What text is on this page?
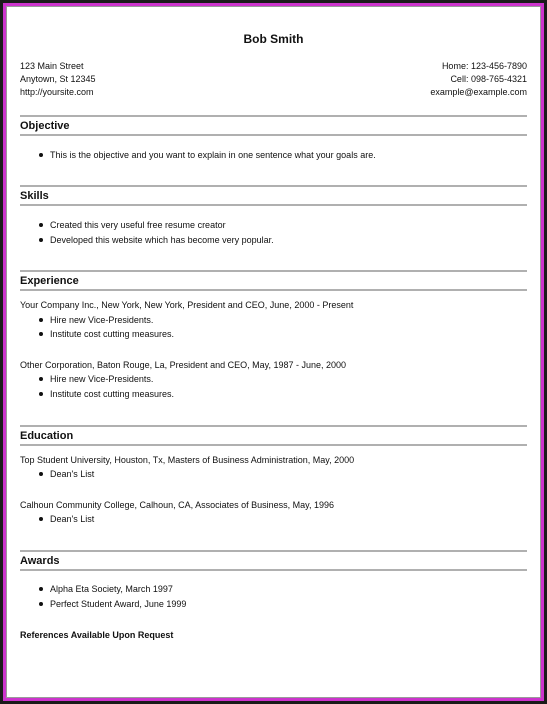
Bob Smith
123 Main Street
Anytown, St 12345
http://yoursite.com
Home: 123-456-7890
Cell: 098-765-4321
example@example.com
Objective
This is the objective and you want to explain in one sentence what your goals are.
Skills
Created this very useful free resume creator
Developed this website which has become very popular.
Experience
Your Company Inc., New York, New York, President and CEO, June, 2000 - Present
Hire new Vice-Presidents.
Institute cost cutting measures.
Other Corporation, Baton Rouge, La, President and CEO, May, 1987 - June, 2000
Hire new Vice-Presidents.
Institute cost cutting measures.
Education
Top Student University, Houston, Tx, Masters of Business Administration, May, 2000
Dean's List
Calhoun Community College, Calhoun, CA, Associates of Business, May, 1996
Dean's List
Awards
Alpha Eta Society, March 1997
Perfect Student Award, June 1999
References Available Upon Request
